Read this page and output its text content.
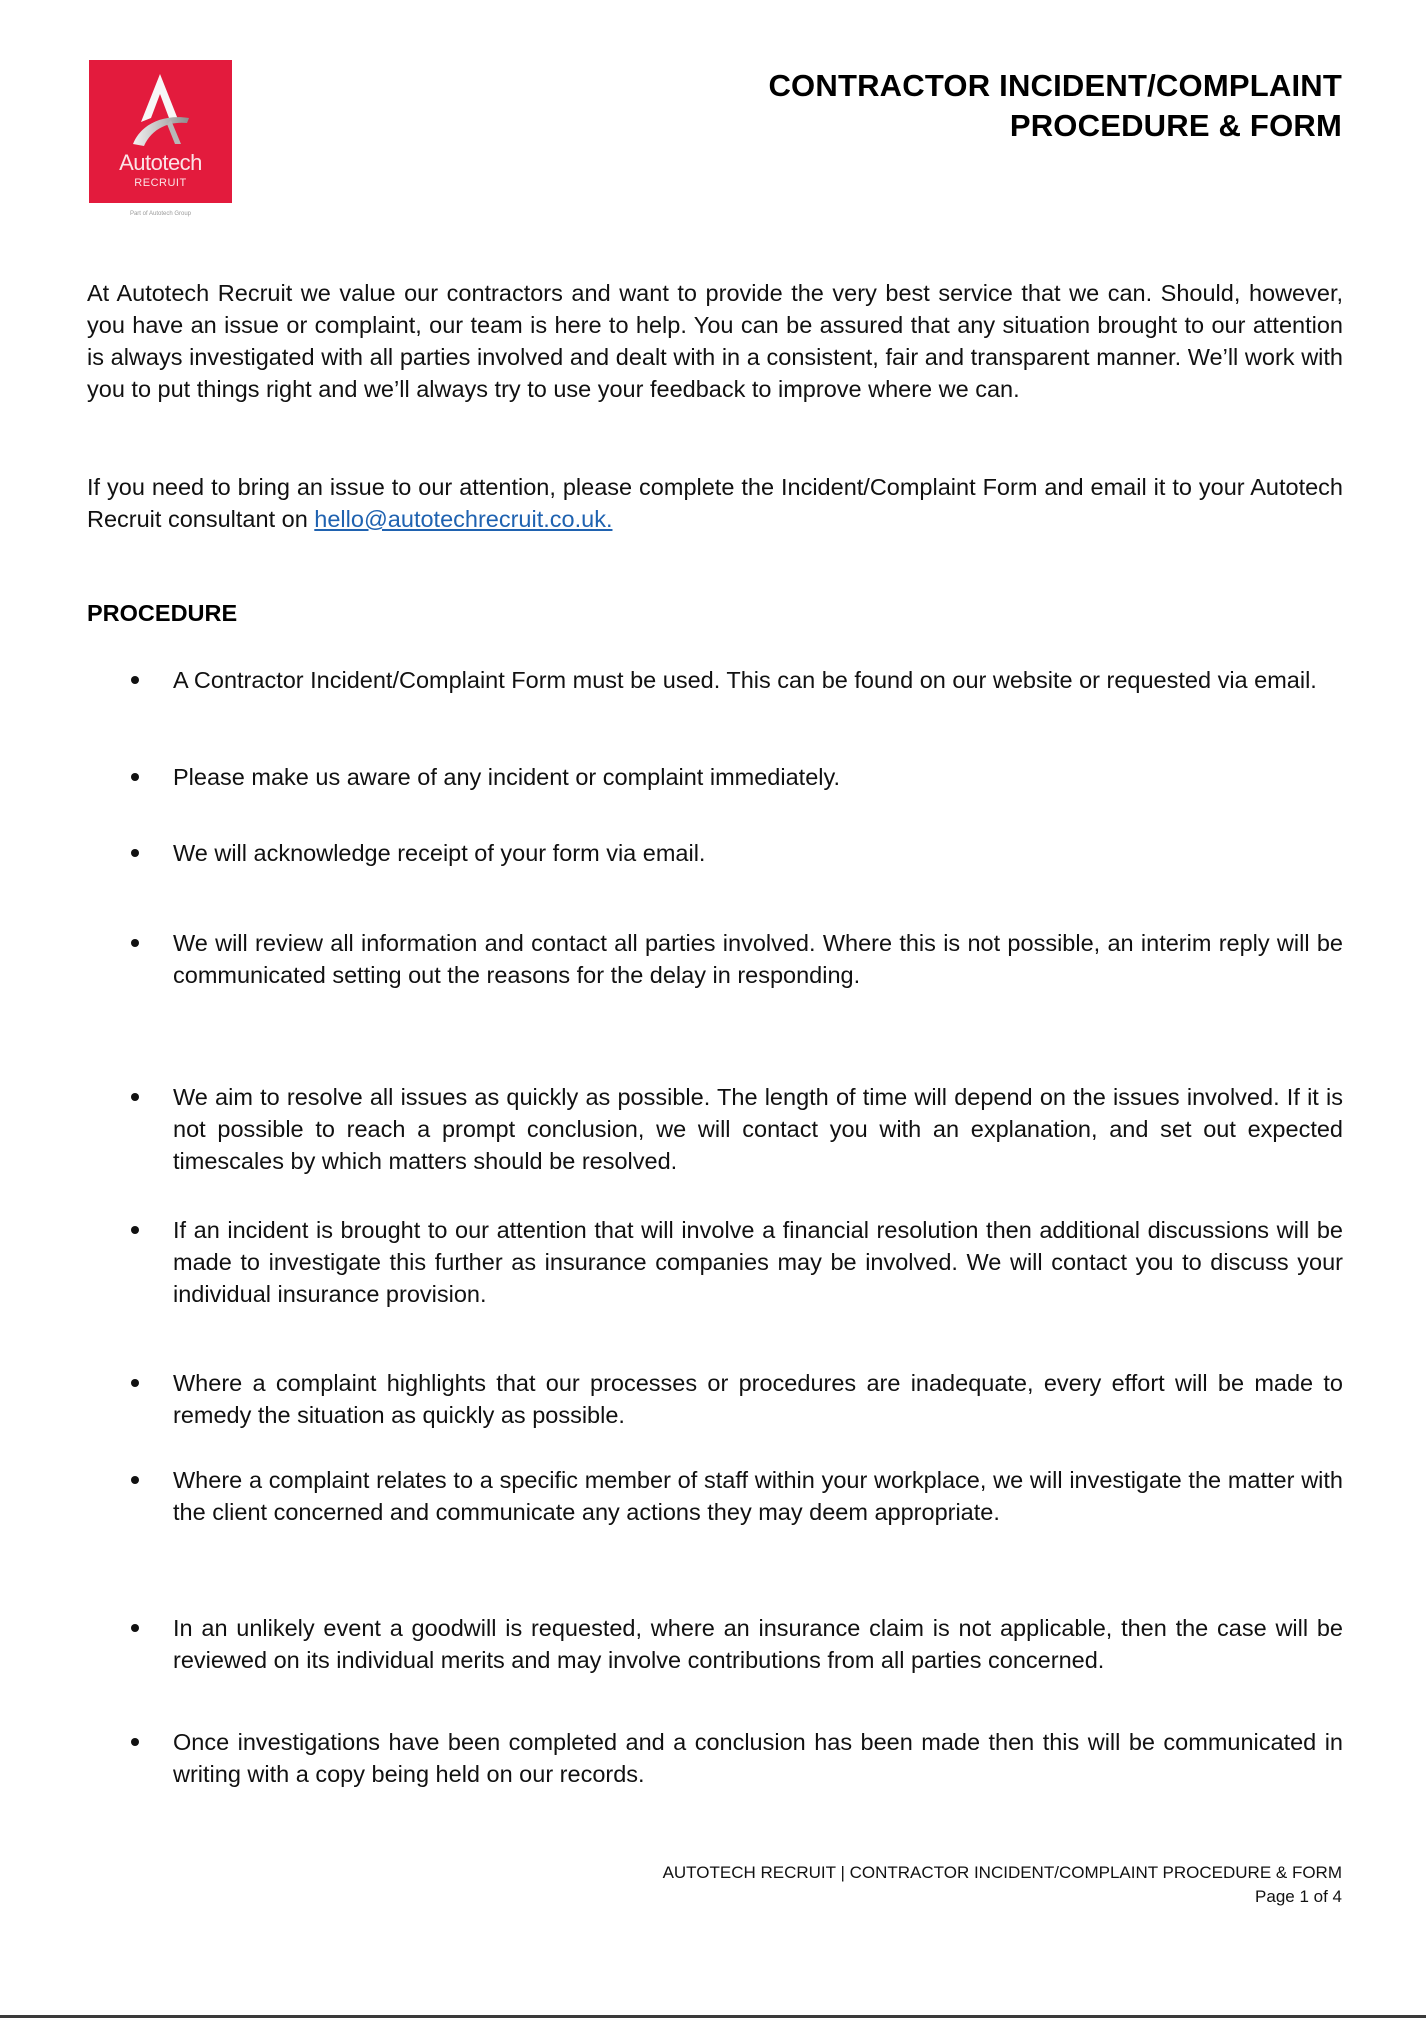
Autotech
RECRUIT
Part of Autotech Group
CONTRACTOR INCIDENT/COMPLAINT
PROCEDURE & FORM
At Autotech Recruit we value our contractors and want to provide the very best service that we can. Should, however, you have an issue or complaint, our team is here to help. You can be assured that any situation brought to our attention is always investigated with all parties involved and dealt with in a consistent, fair and transparent manner. We’ll work with you to put things right and we’ll always try to use your feedback to improve where we can.
If you need to bring an issue to our attention, please complete the Incident/Complaint Form and email it to your Autotech Recruit consultant on hello@autotechrecruit.co.uk.
PROCEDURE
A Contractor Incident/Complaint Form must be used. This can be found on our website or requested via email.
Please make us aware of any incident or complaint immediately.
We will acknowledge receipt of your form via email.
We will review all information and contact all parties involved. Where this is not possible, an interim reply will be communicated setting out the reasons for the delay in responding.
We aim to resolve all issues as quickly as possible. The length of time will depend on the issues involved. If it is not possible to reach a prompt conclusion, we will contact you with an explanation, and set out expected timescales by which matters should be resolved.
If an incident is brought to our attention that will involve a financial resolution then additional discussions will be made to investigate this further as insurance companies may be involved. We will contact you to discuss your individual insurance provision.
Where a complaint highlights that our processes or procedures are inadequate, every effort will be made to remedy the situation as quickly as possible.
Where a complaint relates to a specific member of staff within your workplace, we will investigate the matter with the client concerned and communicate any actions they may deem appropriate.
In an unlikely event a goodwill is requested, where an insurance claim is not applicable, then the case will be reviewed on its individual merits and may involve contributions from all parties concerned.
Once investigations have been completed and a conclusion has been made then this will be communicated in writing with a copy being held on our records.
AUTOTECH RECRUIT | CONTRACTOR INCIDENT/COMPLAINT PROCEDURE & FORM
Page 1 of 4
